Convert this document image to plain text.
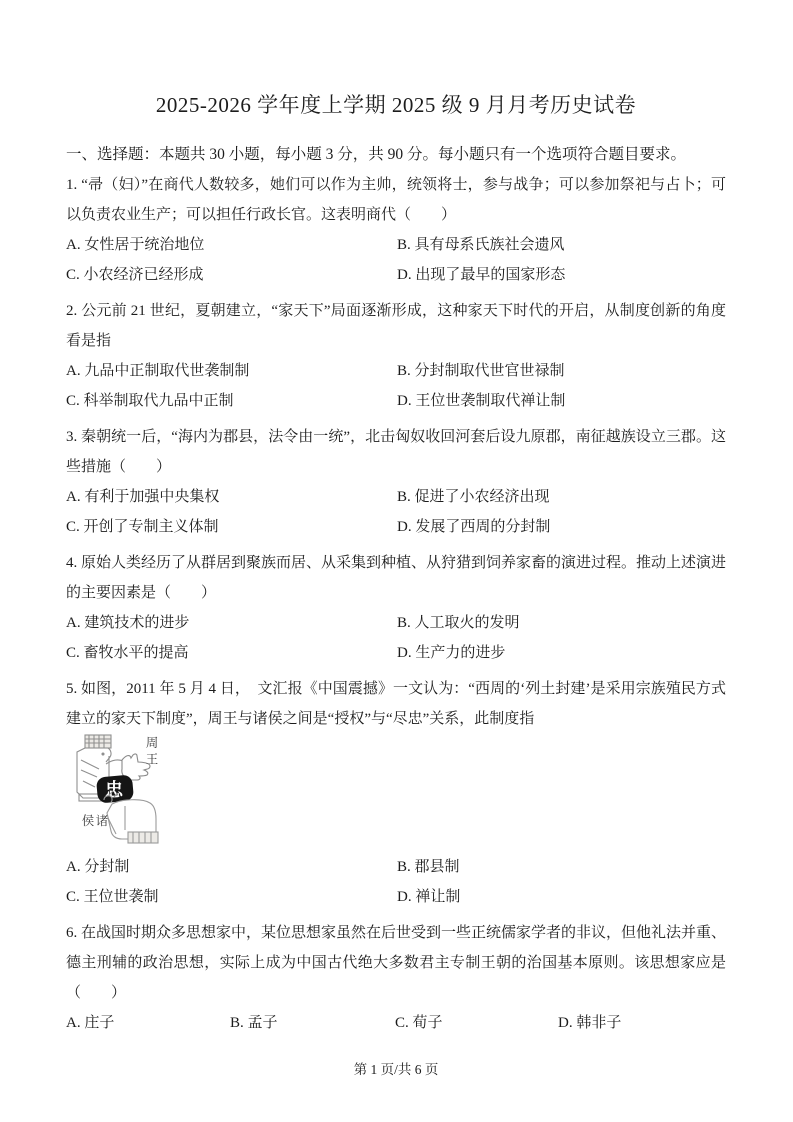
2025-2026 学年度上学期 2025 级 9 月月考历史试卷

一、选择题：本题共 30 小题，每小题 3 分，共 90 分。每小题只有一个选项符合题目要求。

1. “帚（妇）”在商代人数较多，她们可以作为主帅，统领将士，参与战争；可以参加祭祀与占卜；可以负责农业生产；可以担任行政长官。这表明商代（　　）

A. 女性居于统治地位	B. 具有母系氏族社会遗风
C. 小农经济已经形成	D. 出现了最早的国家形态

2. 公元前 21 世纪，夏朝建立，“家天下”局面逐渐形成，这种家天下时代的开启，从制度创新的角度看是指

A. 九品中正制取代世袭制制	B. 分封制取代世官世禄制
C. 科举制取代九品中正制	D. 王位世袭制取代禅让制

3. 秦朝统一后，“海内为郡县，法令由一统”，北击匈奴收回河套后设九原郡，南征越族设立三郡。这些措施（　　）

A. 有利于加强中央集权	B. 促进了小农经济出现
C. 开创了专制主义体制	D. 发展了西周的分封制

4. 原始人类经历了从群居到聚族而居、从采集到种植、从狩猎到饲养家畜的演进过程。推动上述演进的主要因素是（　　）

A. 建筑技术的进步	B. 人工取火的发明
C. 畜牧水平的提高	D. 生产力的进步

5. 如图，2011 年 5 月 4 日，　文汇报《中国震撼》一文认为：“西周的‘列土封建’是采用宗族殖民方式建立的家天下制度”，周王与诸侯之间是“授权”与“尽忠”关系，此制度指

忠
周王
诸侯
A. 分封制	B. 郡县制
C. 王位世袭制	D. 禅让制

6. 在战国时期众多思想家中，某位思想家虽然在后世受到一些正统儒家学者的非议，但他礼法并重、德主刑辅的政治思想，实际上成为中国古代绝大多数君主专制王朝的治国基本原则。该思想家应是（　　）

A. 庄子	B. 孟子	C. 荀子	D. 韩非子
第 1 页/共 6 页
